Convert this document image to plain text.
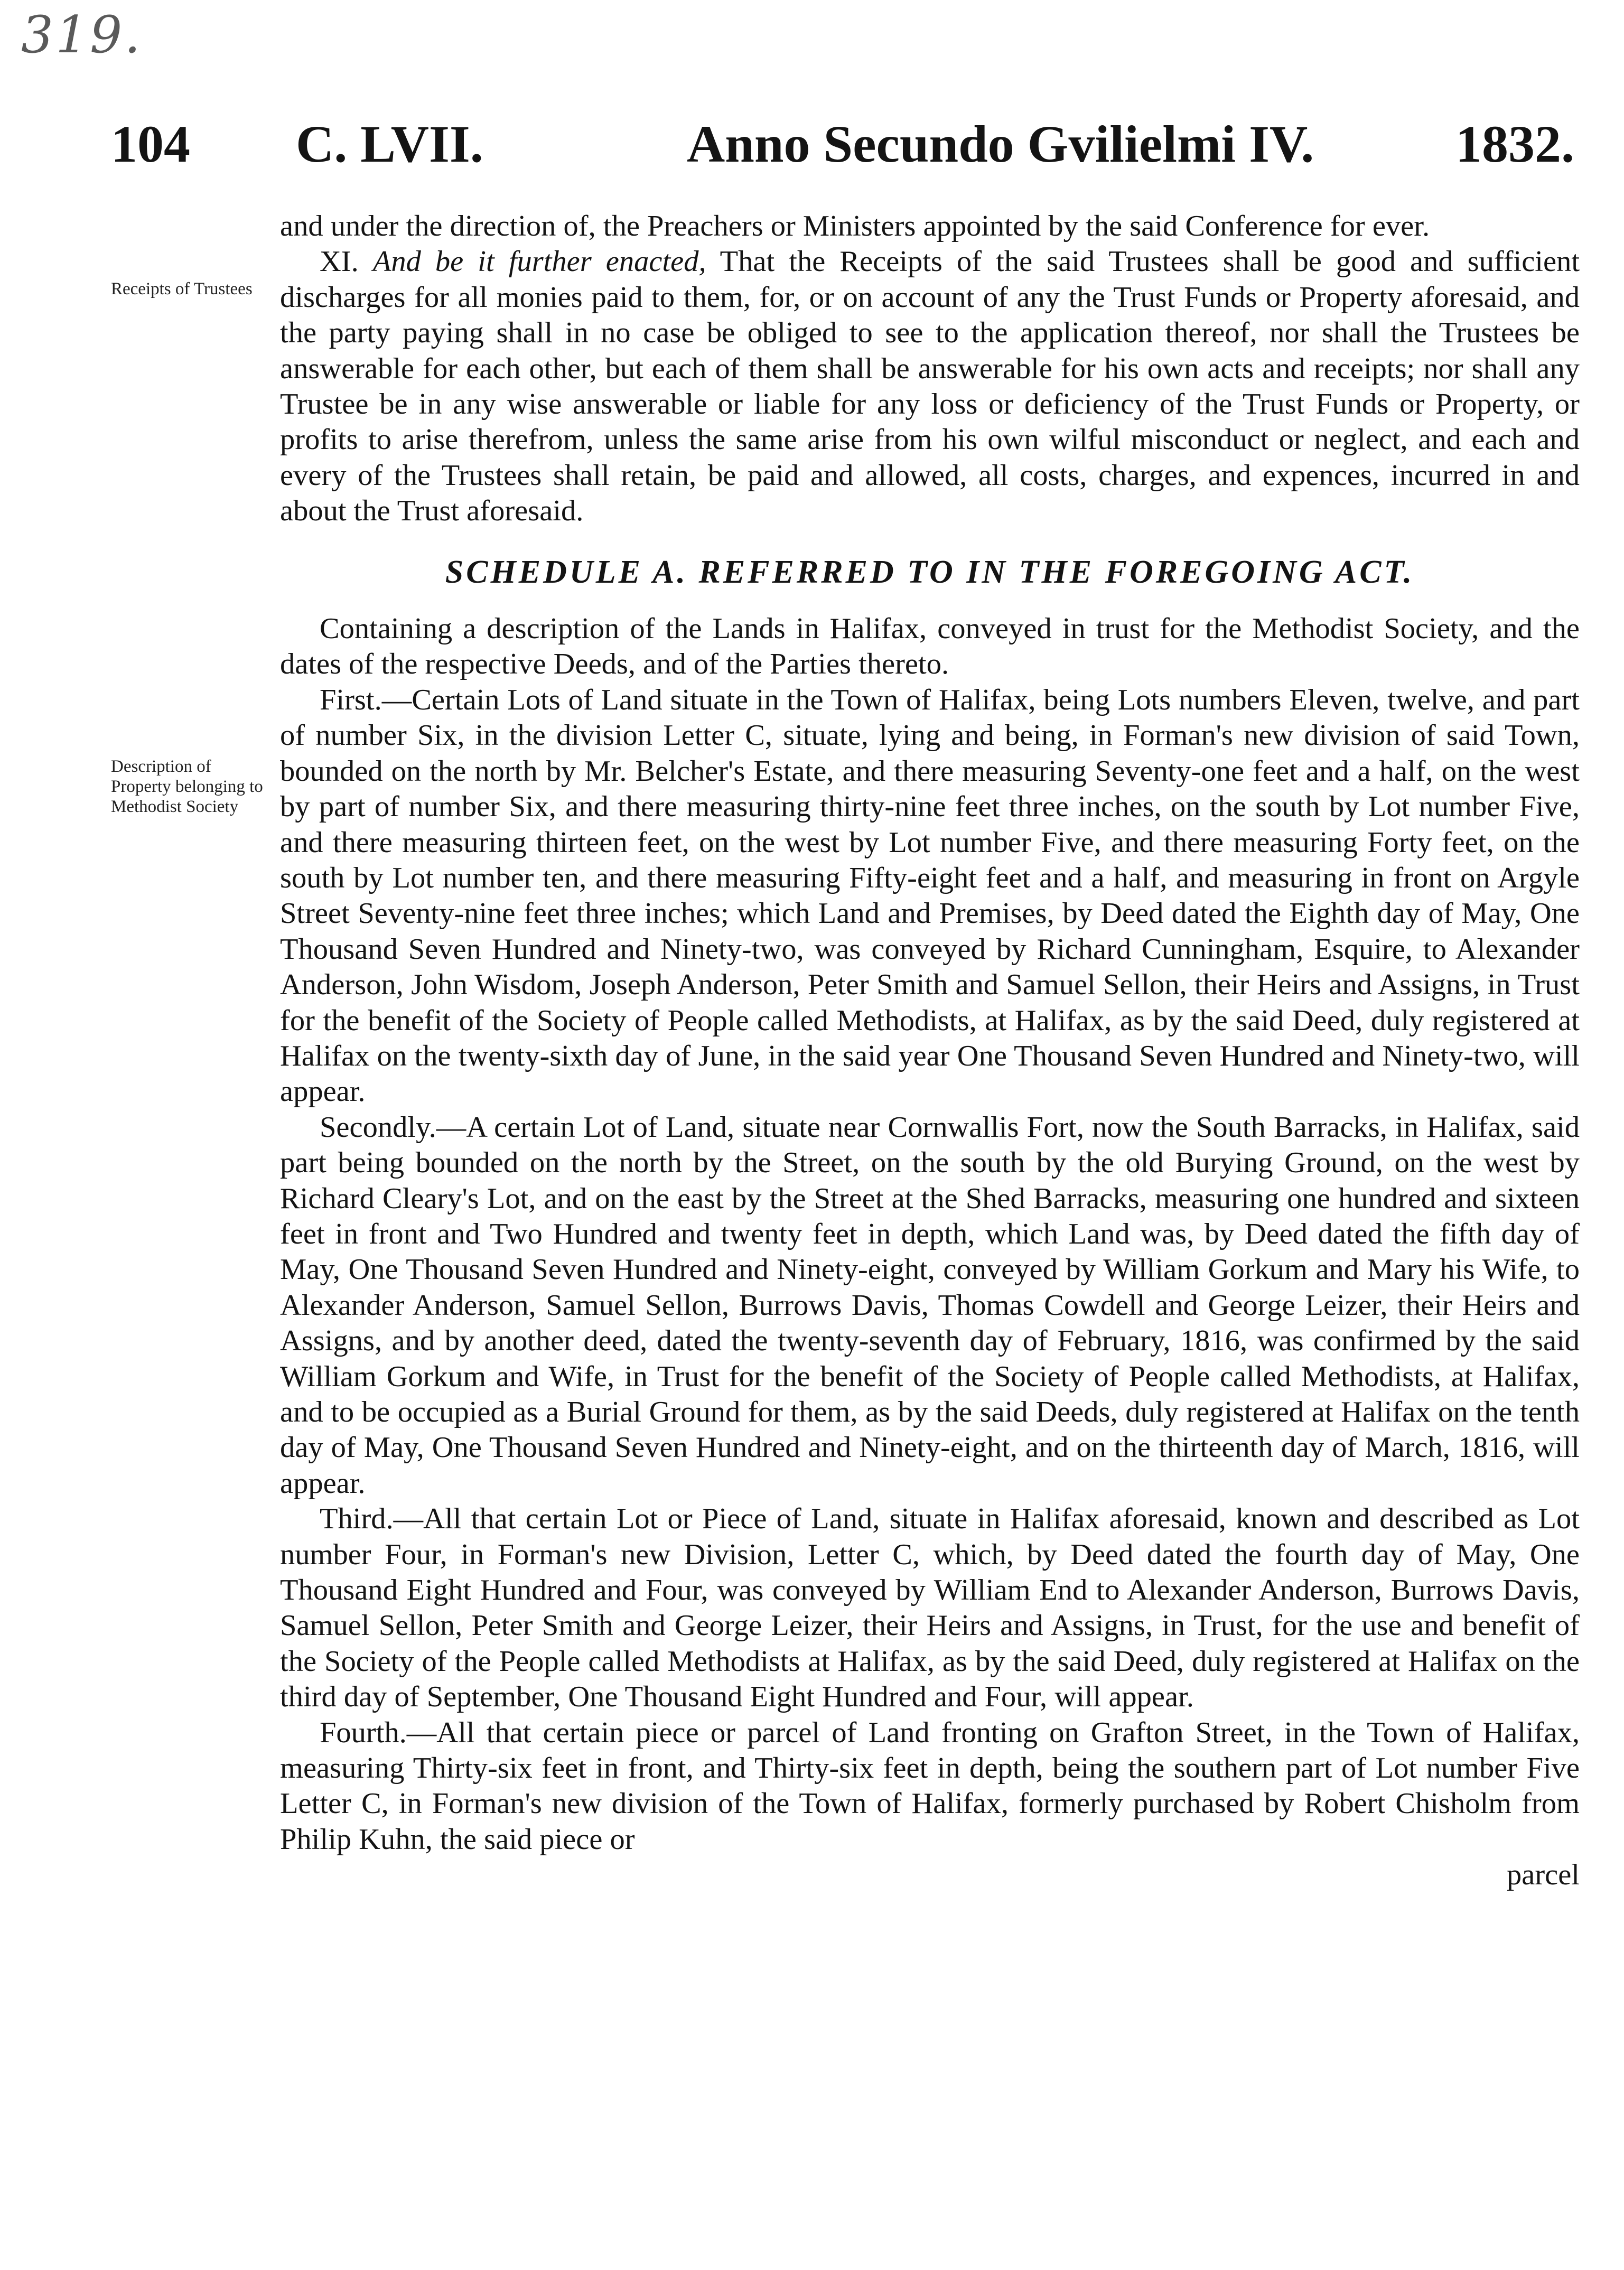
319.
104 C. LVII.	Anno Secundo Gvilielmi IV.	1832.
Receipts of Trustees
Description of Property belonging to Methodist Society

and under the direction of, the Preachers or Ministers appointed by the said Conference for ever.

XI. And be it further enacted, That the Receipts of the said Trustees shall be good and sufficient discharges for all monies paid to them, for, or on account of any the Trust Funds or Property aforesaid, and the party paying shall in no case be obliged to see to the application thereof, nor shall the Trustees be answerable for each other, but each of them shall be answerable for his own acts and receipts; nor shall any Trustee be in any wise answerable or liable for any loss or deficiency of the Trust Funds or Property, or profits to arise therefrom, unless the same arise from his own wilful misconduct or neglect, and each and every of the Trustees shall retain, be paid and allowed, all costs, charges, and expences, incurred in and about the Trust aforesaid.

SCHEDULE A. REFERRED TO IN THE FOREGOING ACT.

Containing a description of the Lands in Halifax, conveyed in trust for the Methodist Society, and the dates of the respective Deeds, and of the Parties thereto.

First.—Certain Lots of Land situate in the Town of Halifax, being Lots numbers Eleven, twelve, and part of number Six, in the division Letter C, situate, lying and being, in Forman's new division of said Town, bounded on the north by Mr. Belcher's Estate, and there measuring Seventy-one feet and a half, on the west by part of number Six, and there measuring thirty-nine feet three inches, on the south by Lot number Five, and there measuring thirteen feet, on the west by Lot number Five, and there measuring Forty feet, on the south by Lot number ten, and there measuring Fifty-eight feet and a half, and measuring in front on Argyle Street Seventy-nine feet three inches; which Land and Premises, by Deed dated the Eighth day of May, One Thousand Seven Hundred and Ninety-two, was conveyed by Richard Cunningham, Esquire, to Alexander Anderson, John Wisdom, Joseph Anderson, Peter Smith and Samuel Sellon, their Heirs and Assigns, in Trust for the benefit of the Society of People called Methodists, at Halifax, as by the said Deed, duly registered at Halifax on the twenty-sixth day of June, in the said year One Thousand Seven Hundred and Ninety-two, will appear.

Secondly.—A certain Lot of Land, situate near Cornwallis Fort, now the South Barracks, in Halifax, said part being bounded on the north by the Street, on the south by the old Burying Ground, on the west by Richard Cleary's Lot, and on the east by the Street at the Shed Barracks, measuring one hundred and sixteen feet in front and Two Hundred and twenty feet in depth, which Land was, by Deed dated the fifth day of May, One Thousand Seven Hundred and Ninety-eight, conveyed by William Gorkum and Mary his Wife, to Alexander Anderson, Samuel Sellon, Burrows Davis, Thomas Cowdell and George Leizer, their Heirs and Assigns, and by another deed, dated the twenty-seventh day of February, 1816, was confirmed by the said William Gorkum and Wife, in Trust for the benefit of the Society of People called Methodists, at Halifax, and to be occupied as a Burial Ground for them, as by the said Deeds, duly registered at Halifax on the tenth day of May, One Thousand Seven Hundred and Ninety-eight, and on the thirteenth day of March, 1816, will appear.

Third.—All that certain Lot or Piece of Land, situate in Halifax aforesaid, known and described as Lot number Four, in Forman's new Division, Letter C, which, by Deed dated the fourth day of May, One Thousand Eight Hundred and Four, was conveyed by William End to Alexander Anderson, Burrows Davis, Samuel Sellon, Peter Smith and George Leizer, their Heirs and Assigns, in Trust, for the use and benefit of the Society of the People called Methodists at Halifax, as by the said Deed, duly registered at Halifax on the third day of September, One Thousand Eight Hundred and Four, will appear.

Fourth.—All that certain piece or parcel of Land fronting on Grafton Street, in the Town of Halifax, measuring Thirty-six feet in front, and Thirty-six feet in depth, being the southern part of Lot number Five Letter C, in Forman's new division of the Town of Halifax, formerly purchased by Robert Chisholm from Philip Kuhn, the said piece or

parcel
